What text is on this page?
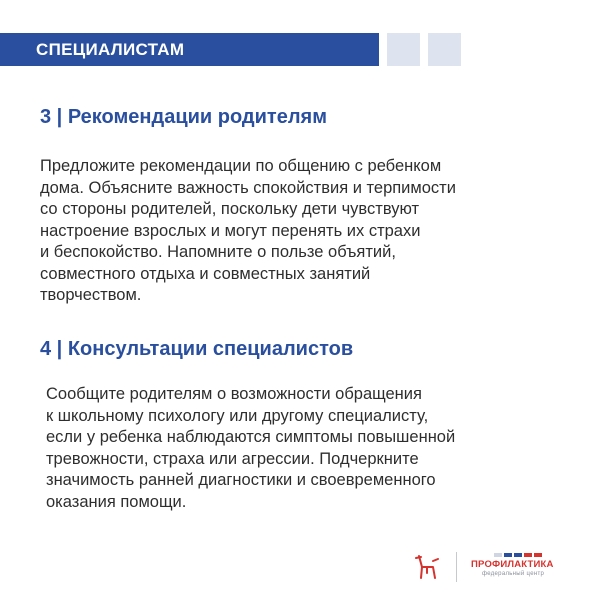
СПЕЦИАЛИСТАМ
3 | Рекомендации родителям
Предложите рекомендации по общению с ребенком
дома. Объясните важность спокойствия и терпимости
со стороны родителей, поскольку дети чувствуют
настроение взрослых и могут перенять их страхи
и беспокойство. Напомните о пользе объятий,
совместного отдыха и совместных занятий
творчеством.
4 | Консультации специалистов
Сообщите родителям о возможности обращения
к школьному психологу или другому специалисту,
если у ребенка наблюдаются симптомы повышенной
тревожности, страха или агрессии. Подчеркните
значимость ранней диагностики и своевременного
оказания помощи.
ПРОФИЛАКТИКА
федеральный центр
